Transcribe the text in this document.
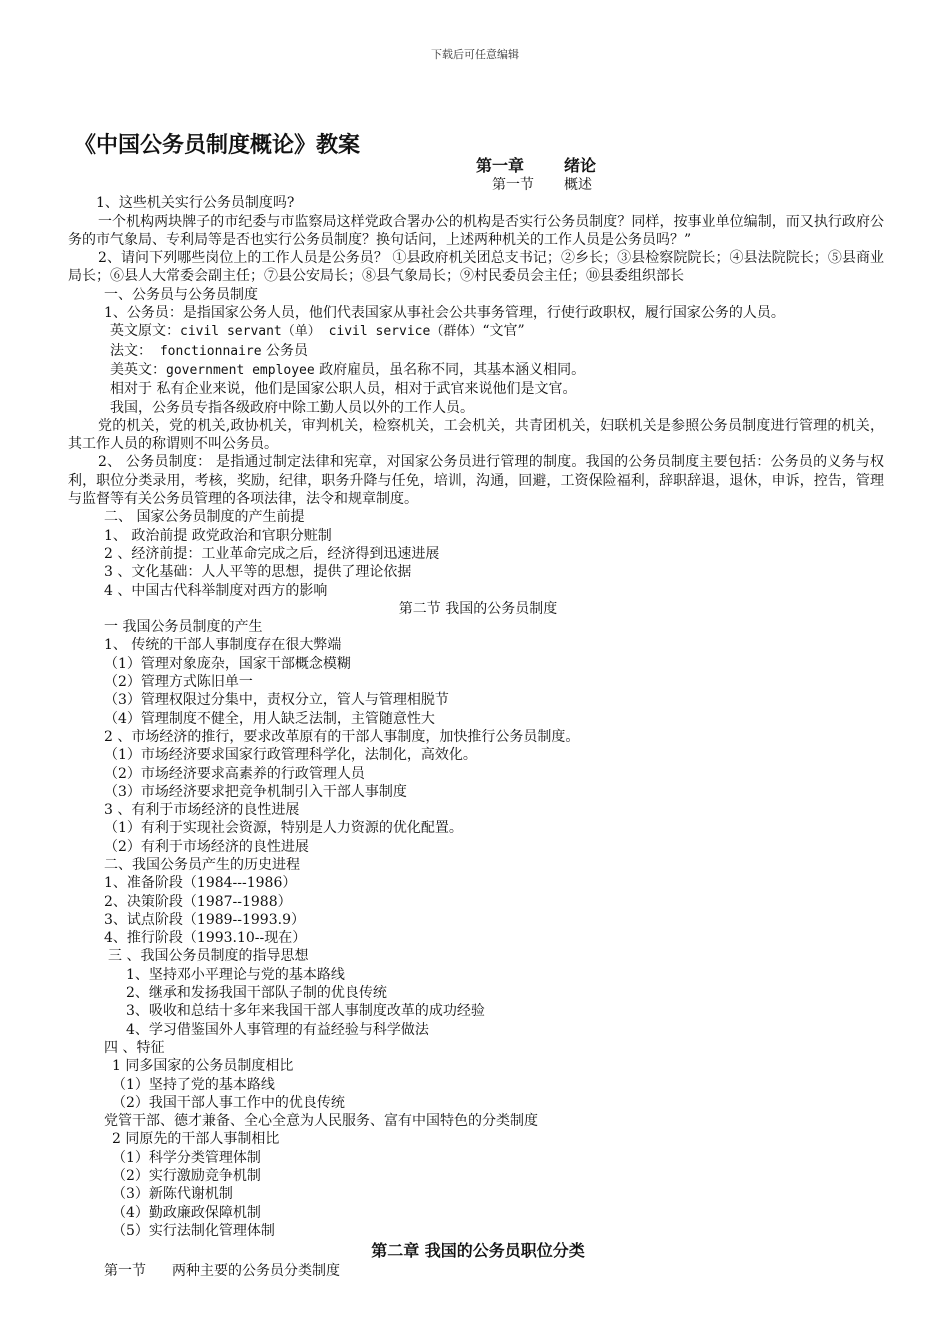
下载后可任意编辑
《中国公务员制度概论》教案

第一章	绪论

第一节 概述

1、这些机关实行公务员制度吗?

一个机构两块牌子的市纪委与市监察局这样党政合署办公的机构是否实行公务员制度？同样，按事业单位编制，而又执行政府公务的市气象局、专利局等是否也实行公务员制度？换句话问，上述两种机关的工作人员是公务员吗？”

2、请问下列哪些岗位上的工作人员是公务员？ ①县政府机关团总支书记；②乡长；③县检察院院长；④县法院院长；⑤县商业局长；⑥县人大常委会副主任；⑦县公安局长；⑧县气象局长；⑨村民委员会主任；⑩县委组织部长

一、公务员与公务员制度

1、公务员：是指国家公务人员，他们代表国家从事社会公共事务管理，行使行政职权，履行国家公务的人员。

英文原文：civil servant（单） civil service（群体）“文官”

法文： fonctionnaire 公务员

美英文：government employee 政府雇员，虽名称不同，其基本涵义相同。

相对于 私有企业来说，他们是国家公职人员，相对于武官来说他们是文官。

我国，公务员专指各级政府中除工勤人员以外的工作人员。

党的机关，党的机关,政协机关，审判机关，检察机关，工会机关，共青团机关，妇联机关是参照公务员制度进行管理的机关，其工作人员的称谓则不叫公务员。

2、 公务员制度： 是指通过制定法律和宪章，对国家公务员进行管理的制度。我国的公务员制度主要包括：公务员的义务与权利，职位分类录用，考核，奖励，纪律，职务升降与任免，培训，沟通，回避，工资保险福利，辞职辞退，退休，申诉，控告，管理与监督等有关公务员管理的各项法律，法令和规章制度。

二、 国家公务员制度的产生前提

1、 政治前提 政党政治和官职分赃制

2 、经济前提：工业革命完成之后，经济得到迅速进展

3 、文化基础：人人平等的思想，提供了理论依据

4 、中国古代科举制度对西方的影响

第二节 我国的公务员制度

一 我国公务员制度的产生

1、 传统的干部人事制度存在很大弊端

（1）管理对象庞杂，国家干部概念模糊

（2）管理方式陈旧单一

（3）管理权限过分集中，责权分立，管人与管理相脱节

（4）管理制度不健全，用人缺乏法制，主管随意性大

2 、市场经济的推行，要求改革原有的干部人事制度，加快推行公务员制度。

（1）市场经济要求国家行政管理科学化，法制化，高效化。

（2）市场经济要求高素养的行政管理人员

（3）市场经济要求把竞争机制引入干部人事制度

3 、有利于市场经济的良性进展

（1）有利于实现社会资源，特别是人力资源的优化配置。

（2）有利于市场经济的良性进展

二、我国公务员产生的历史进程

1、准备阶段（1984---1986）

2、决策阶段（1987--1988）

3、试点阶段（1989--1993.9）

4、推行阶段（1993.10--现在）

三 、我国公务员制度的指导思想

1、坚持邓小平理论与党的基本路线

2、继承和发扬我国干部队子制的优良传统

3、吸收和总结十多年来我国干部人事制度改革的成功经验

4、学习借鉴国外人事管理的有益经验与科学做法

四 、特征

1 同多国家的公务员制度相比

（1）坚持了党的基本路线

（2）我国干部人事工作中的优良传统

党管干部、德才兼备、全心全意为人民服务、富有中国特色的分类制度

2 同原先的干部人事制相比

（1）科学分类管理体制

（2）实行激励竞争机制

（3）新陈代谢机制

（4）勤政廉政保障机制

（5）实行法制化管理体制

第二章 我国的公务员职位分类

第一节 两种主要的公务员分类制度
